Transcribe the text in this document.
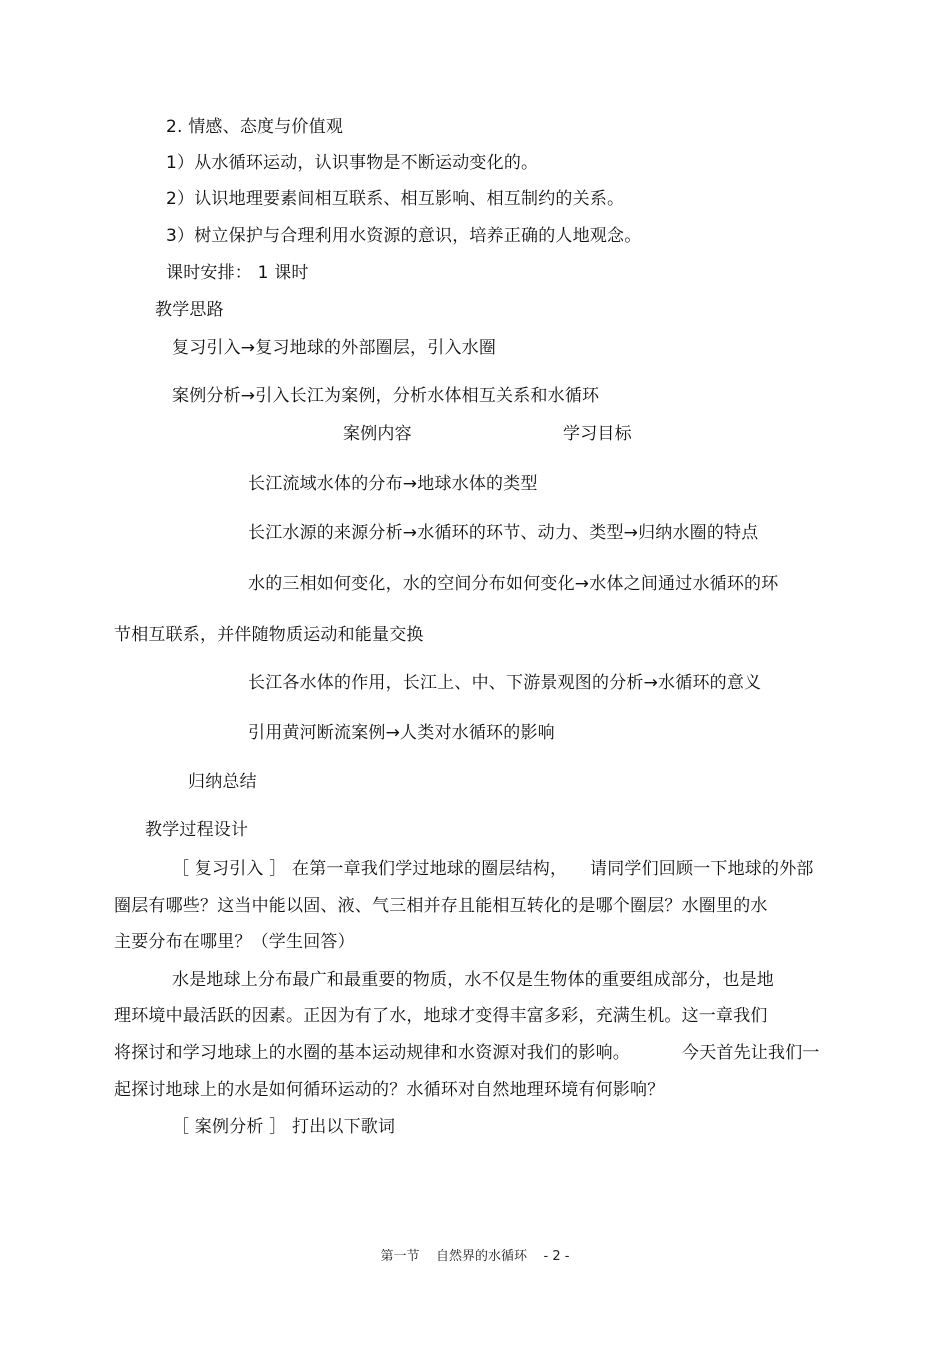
2. 情感、态度与价值观
1）从水循环运动，认识事物是不断运动变化的。
2）认识地理要素间相互联系、相互影响、相互制约的关系。
3）树立保护与合理利用水资源的意识，培养正确的人地观念。
课时安排： 1 课时
教学思路
复习引入→复习地球的外部圈层，引入水圈
案例分析→引入长江为案例，分析水体相互关系和水循环
案例内容	学习目标
长江流域水体的分布→地球水体的类型
长江水源的来源分析→水循环的环节、动力、类型→归纳水圈的特点
水的三相如何变化，水的空间分布如何变化→水体之间通过水循环的环
节相互联系，并伴随物质运动和能量交换
长江各水体的作用，长江上、中、下游景观图的分析→水循环的意义
引用黄河断流案例→人类对水循环的影响
归纳总结
教学过程设计
［ 复习引入 ］ 在第一章我们学过地球的圈层结构， 请同学们回顾一下地球的外部
圈层有哪些？这当中能以固、液、气三相并存且能相互转化的是哪个圈层？水圈里的水
主要分布在哪里？（学生回答）
水是地球上分布最广和最重要的物质，水不仅是生物体的重要组成部分，也是地
理环境中最活跃的因素。正因为有了水，地球才变得丰富多彩，充满生机。这一章我们
将探讨和学习地球上的水圈的基本运动规律和水资源对我们的影响。	今天首先让我们一
起探讨地球上的水是如何循环运动的？水循环对自然地理环境有何影响？
［ 案例分析 ］ 打出以下歌词
第一节    自然界的水循环    - 2 -
